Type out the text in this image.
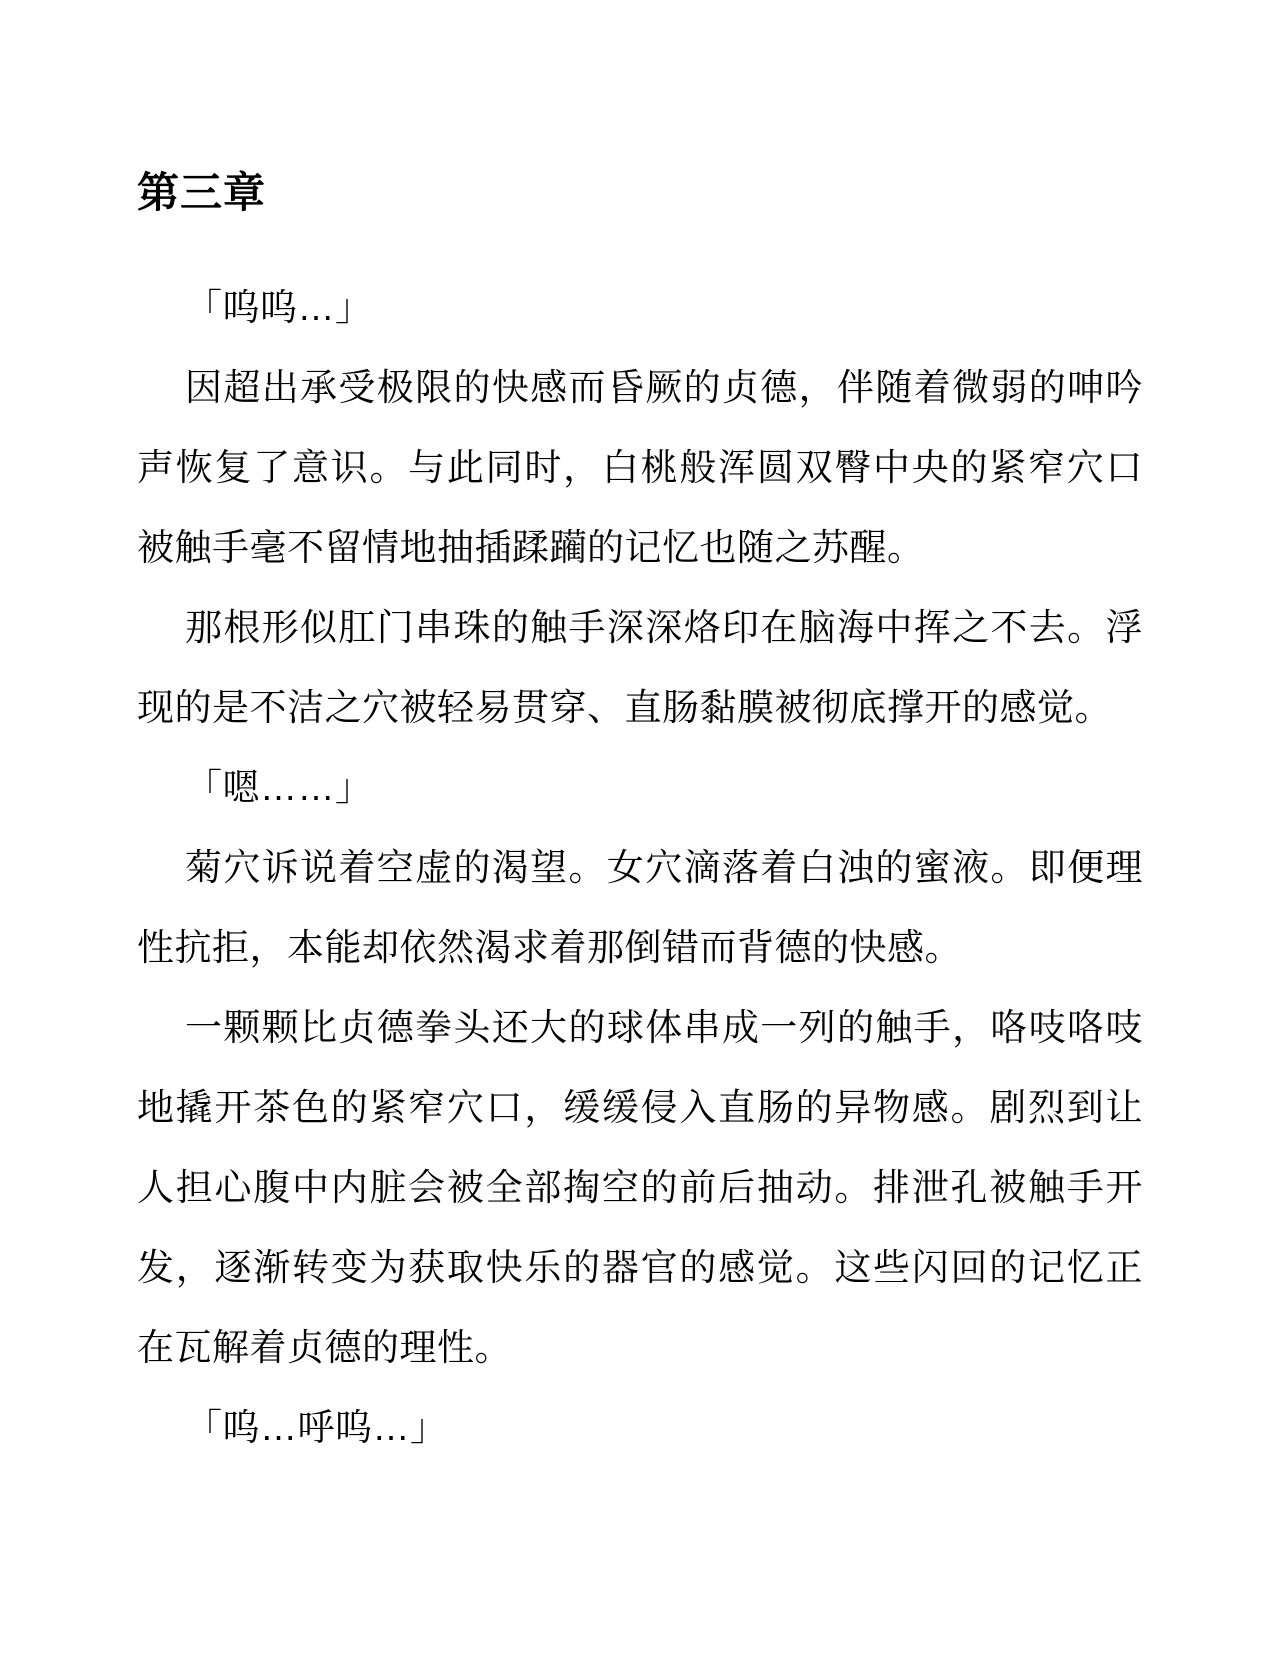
第三章

「呜呜…」

因超出承受极限的快感而昏厥的贞德，伴随着微弱的呻吟声恢复了意识。与此同时，白桃般浑圆双臀中央的紧窄穴口被触手毫不留情地抽插蹂躏的记忆也随之苏醒。

那根形似肛门串珠的触手深深烙印在脑海中挥之不去。浮现的是不洁之穴被轻易贯穿、直肠黏膜被彻底撑开的感觉。

「嗯……」

菊穴诉说着空虚的渴望。女穴滴落着白浊的蜜液。即便理性抗拒，本能却依然渴求着那倒错而背德的快感。

一颗颗比贞德拳头还大的球体串成一列的触手，咯吱咯吱地撬开茶色的紧窄穴口，缓缓侵入直肠的异物感。剧烈到让人担心腹中内脏会被全部掏空的前后抽动。排泄孔被触手开发，逐渐转变为获取快乐的器官的感觉。这些闪回的记忆正在瓦解着贞德的理性。

「呜…呼呜…」
